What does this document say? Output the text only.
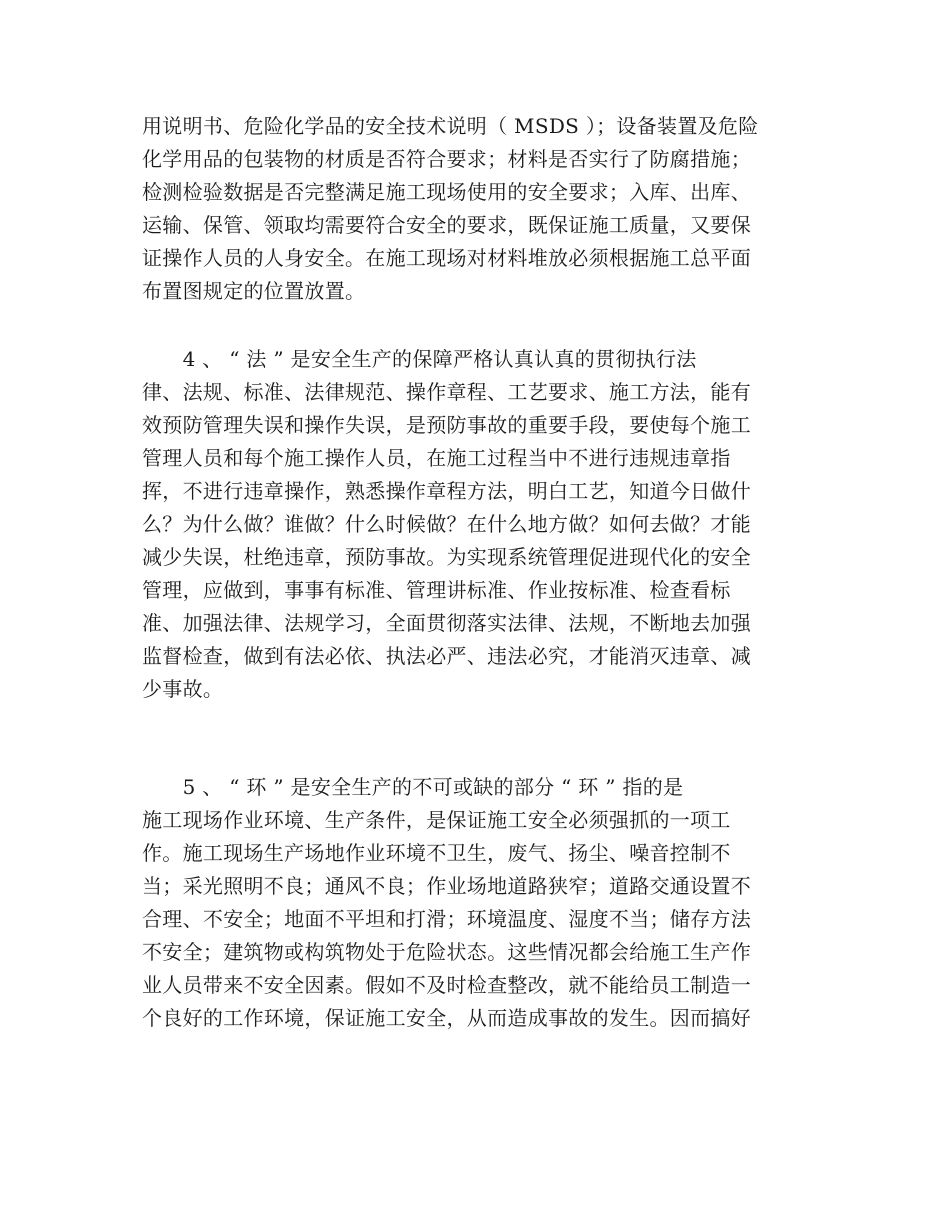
用说明书、危险化学品的安全技术说明（ MSDS ）；设备装置及危险
化学用品的包装物的材质是否符合要求；材料是否实行了防腐措施；
检测检验数据是否完整满足施工现场使用的安全要求；入库、出库、
运输、保管、领取均需要符合安全的要求，既保证施工质量，又要保
证操作人员的人身安全。在施工现场对材料堆放必须根据施工总平面
布置图规定的位置放置。
　　4 、 “ 法 ” 是安全生产的保障严格认真认真的贯彻执行法
律、法规、标准、法律规范、操作章程、工艺要求、施工方法，能有
效预防管理失误和操作失误，是预防事故的重要手段，要使每个施工
管理人员和每个施工操作人员，在施工过程当中不进行违规违章指
挥，不进行违章操作，熟悉操作章程方法，明白工艺，知道今日做什
么？为什么做？谁做？什么时候做？在什么地方做？如何去做？才能
减少失误，杜绝违章，预防事故。为实现系统管理促进现代化的安全
管理，应做到，事事有标准、管理讲标准、作业按标准、检查看标
准、加强法律、法规学习，全面贯彻落实法律、法规，不断地去加强
监督检查，做到有法必依、执法必严、违法必究，才能消灭违章、减
少事故。
　　5 、 “ 环 ” 是安全生产的不可或缺的部分 “ 环 ” 指的是
施工现场作业环境、生产条件，是保证施工安全必须强抓的一项工
作。施工现场生产场地作业环境不卫生，废气、扬尘、噪音控制不
当；采光照明不良；通风不良；作业场地道路狭窄；道路交通设置不
合理、不安全；地面不平坦和打滑；环境温度、湿度不当；储存方法
不安全；建筑物或构筑物处于危险状态。这些情况都会给施工生产作
业人员带来不安全因素。假如不及时检查整改，就不能给员工制造一
个良好的工作环境，保证施工安全，从而造成事故的发生。因而搞好
